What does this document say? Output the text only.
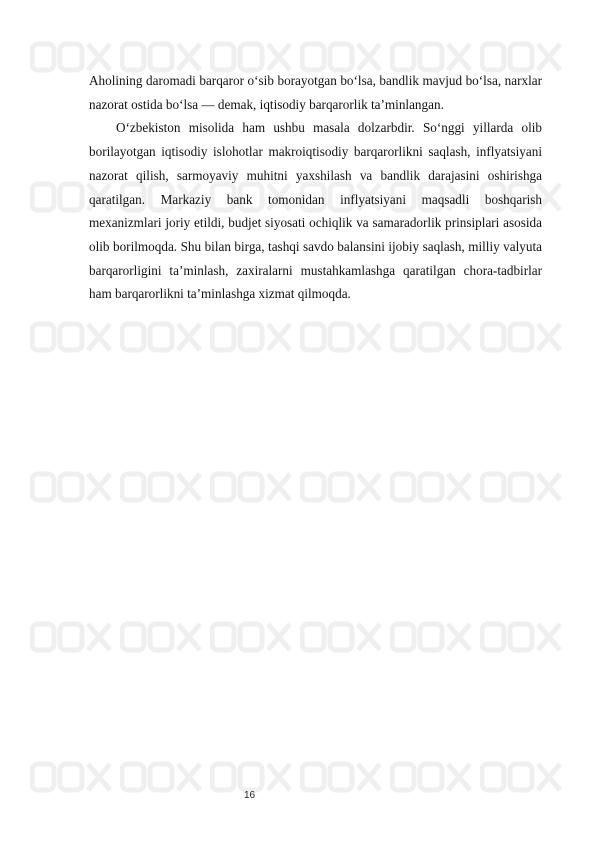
Aholining daromadi barqaror o‘sib borayotgan bo‘lsa, bandlik mavjud bo‘lsa, narxlar nazorat ostida bo‘lsa — demak, iqtisodiy barqarorlik ta’minlangan.

O‘zbekiston misolida ham ushbu masala dolzarbdir. So‘nggi yillarda olib borilayotgan iqtisodiy islohotlar makroiqtisodiy barqarorlikni saqlash, inflyatsiyani nazorat qilish, sarmoyaviy muhitni yaxshilash va bandlik darajasini oshirishga qaratilgan. Markaziy bank tomonidan inflyatsiyani maqsadli boshqarish mexanizmlari joriy etildi, budjet siyosati ochiqlik va samaradorlik prinsiplari asosida olib borilmoqda. Shu bilan birga, tashqi savdo balansini ijobiy saqlash, milliy valyuta barqarorligini ta’minlash, zaxiralarni mustahkamlashga qaratilgan chora-tadbirlar ham barqarorlikni ta’minlashga xizmat qilmoqda.

16
